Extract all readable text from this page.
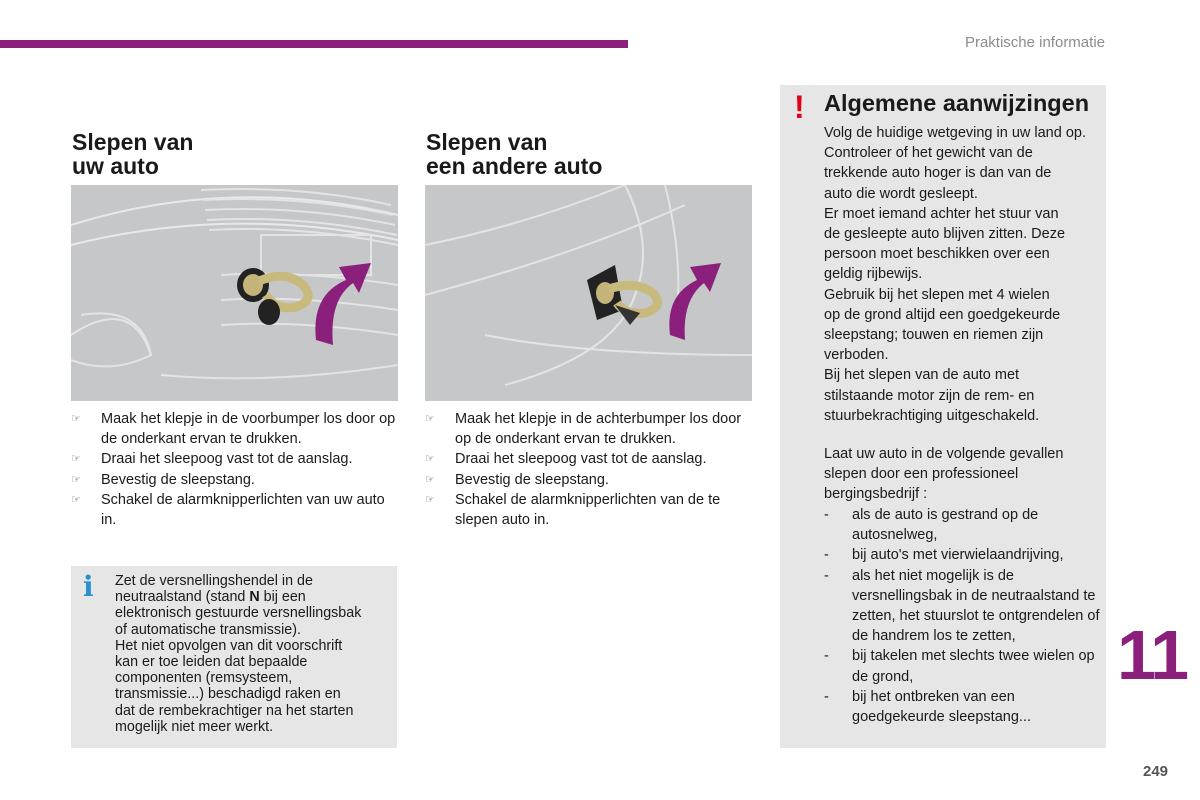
Praktische informatie
Slepen van
uw auto
☞ Maak het klepje in de voorbumper los door op de onderkant ervan te drukken.
☞ Draai het sleepoog vast tot de aanslag.
☞ Bevestig de sleepstang.
☞ Schakel de alarmknipperlichten van uw auto in.
i Zet de versnellingshendel in de
neutraalstand (stand N bij een
elektronisch gestuurde versnellingsbak
of automatische transmissie).
Het niet opvolgen van dit voorschrift
kan er toe leiden dat bepaalde
componenten (remsysteem,
transmissie...) beschadigd raken en
dat de rembekrachtiger na het starten
mogelijk niet meer werkt.
Slepen van
een andere auto
☞ Maak het klepje in de achterbumper los door op de onderkant ervan te drukken.
☞ Draai het sleepoog vast tot de aanslag.
☞ Bevestig de sleepstang.
☞ Schakel de alarmknipperlichten van de te slepen auto in.
! Algemene aanwijzingen
Volg de huidige wetgeving in uw land op.
Controleer of het gewicht van de
trekkende auto hoger is dan van de
auto die wordt gesleept.
Er moet iemand achter het stuur van
de gesleepte auto blijven zitten. Deze
persoon moet beschikken over een
geldig rijbewijs.
Gebruik bij het slepen met 4 wielen
op de grond altijd een goedgekeurde
sleepstang; touwen en riemen zijn
verboden.
Bij het slepen van de auto met
stilstaande motor zijn de rem- en
stuurbekrachtiging uitgeschakeld.
Laat uw auto in de volgende gevallen
slepen door een professioneel
bergingsbedrijf :
- als de auto is gestrand op de autosnelweg,
- bij auto's met vierwielaandrijving,
- als het niet mogelijk is de versnellingsbak in de neutraalstand te zetten, het stuurslot te ontgrendelen of de handrem los te zetten,
- bij takelen met slechts twee wielen op de grond,
- bij het ontbreken van een goedgekeurde sleepstang...
11
249
